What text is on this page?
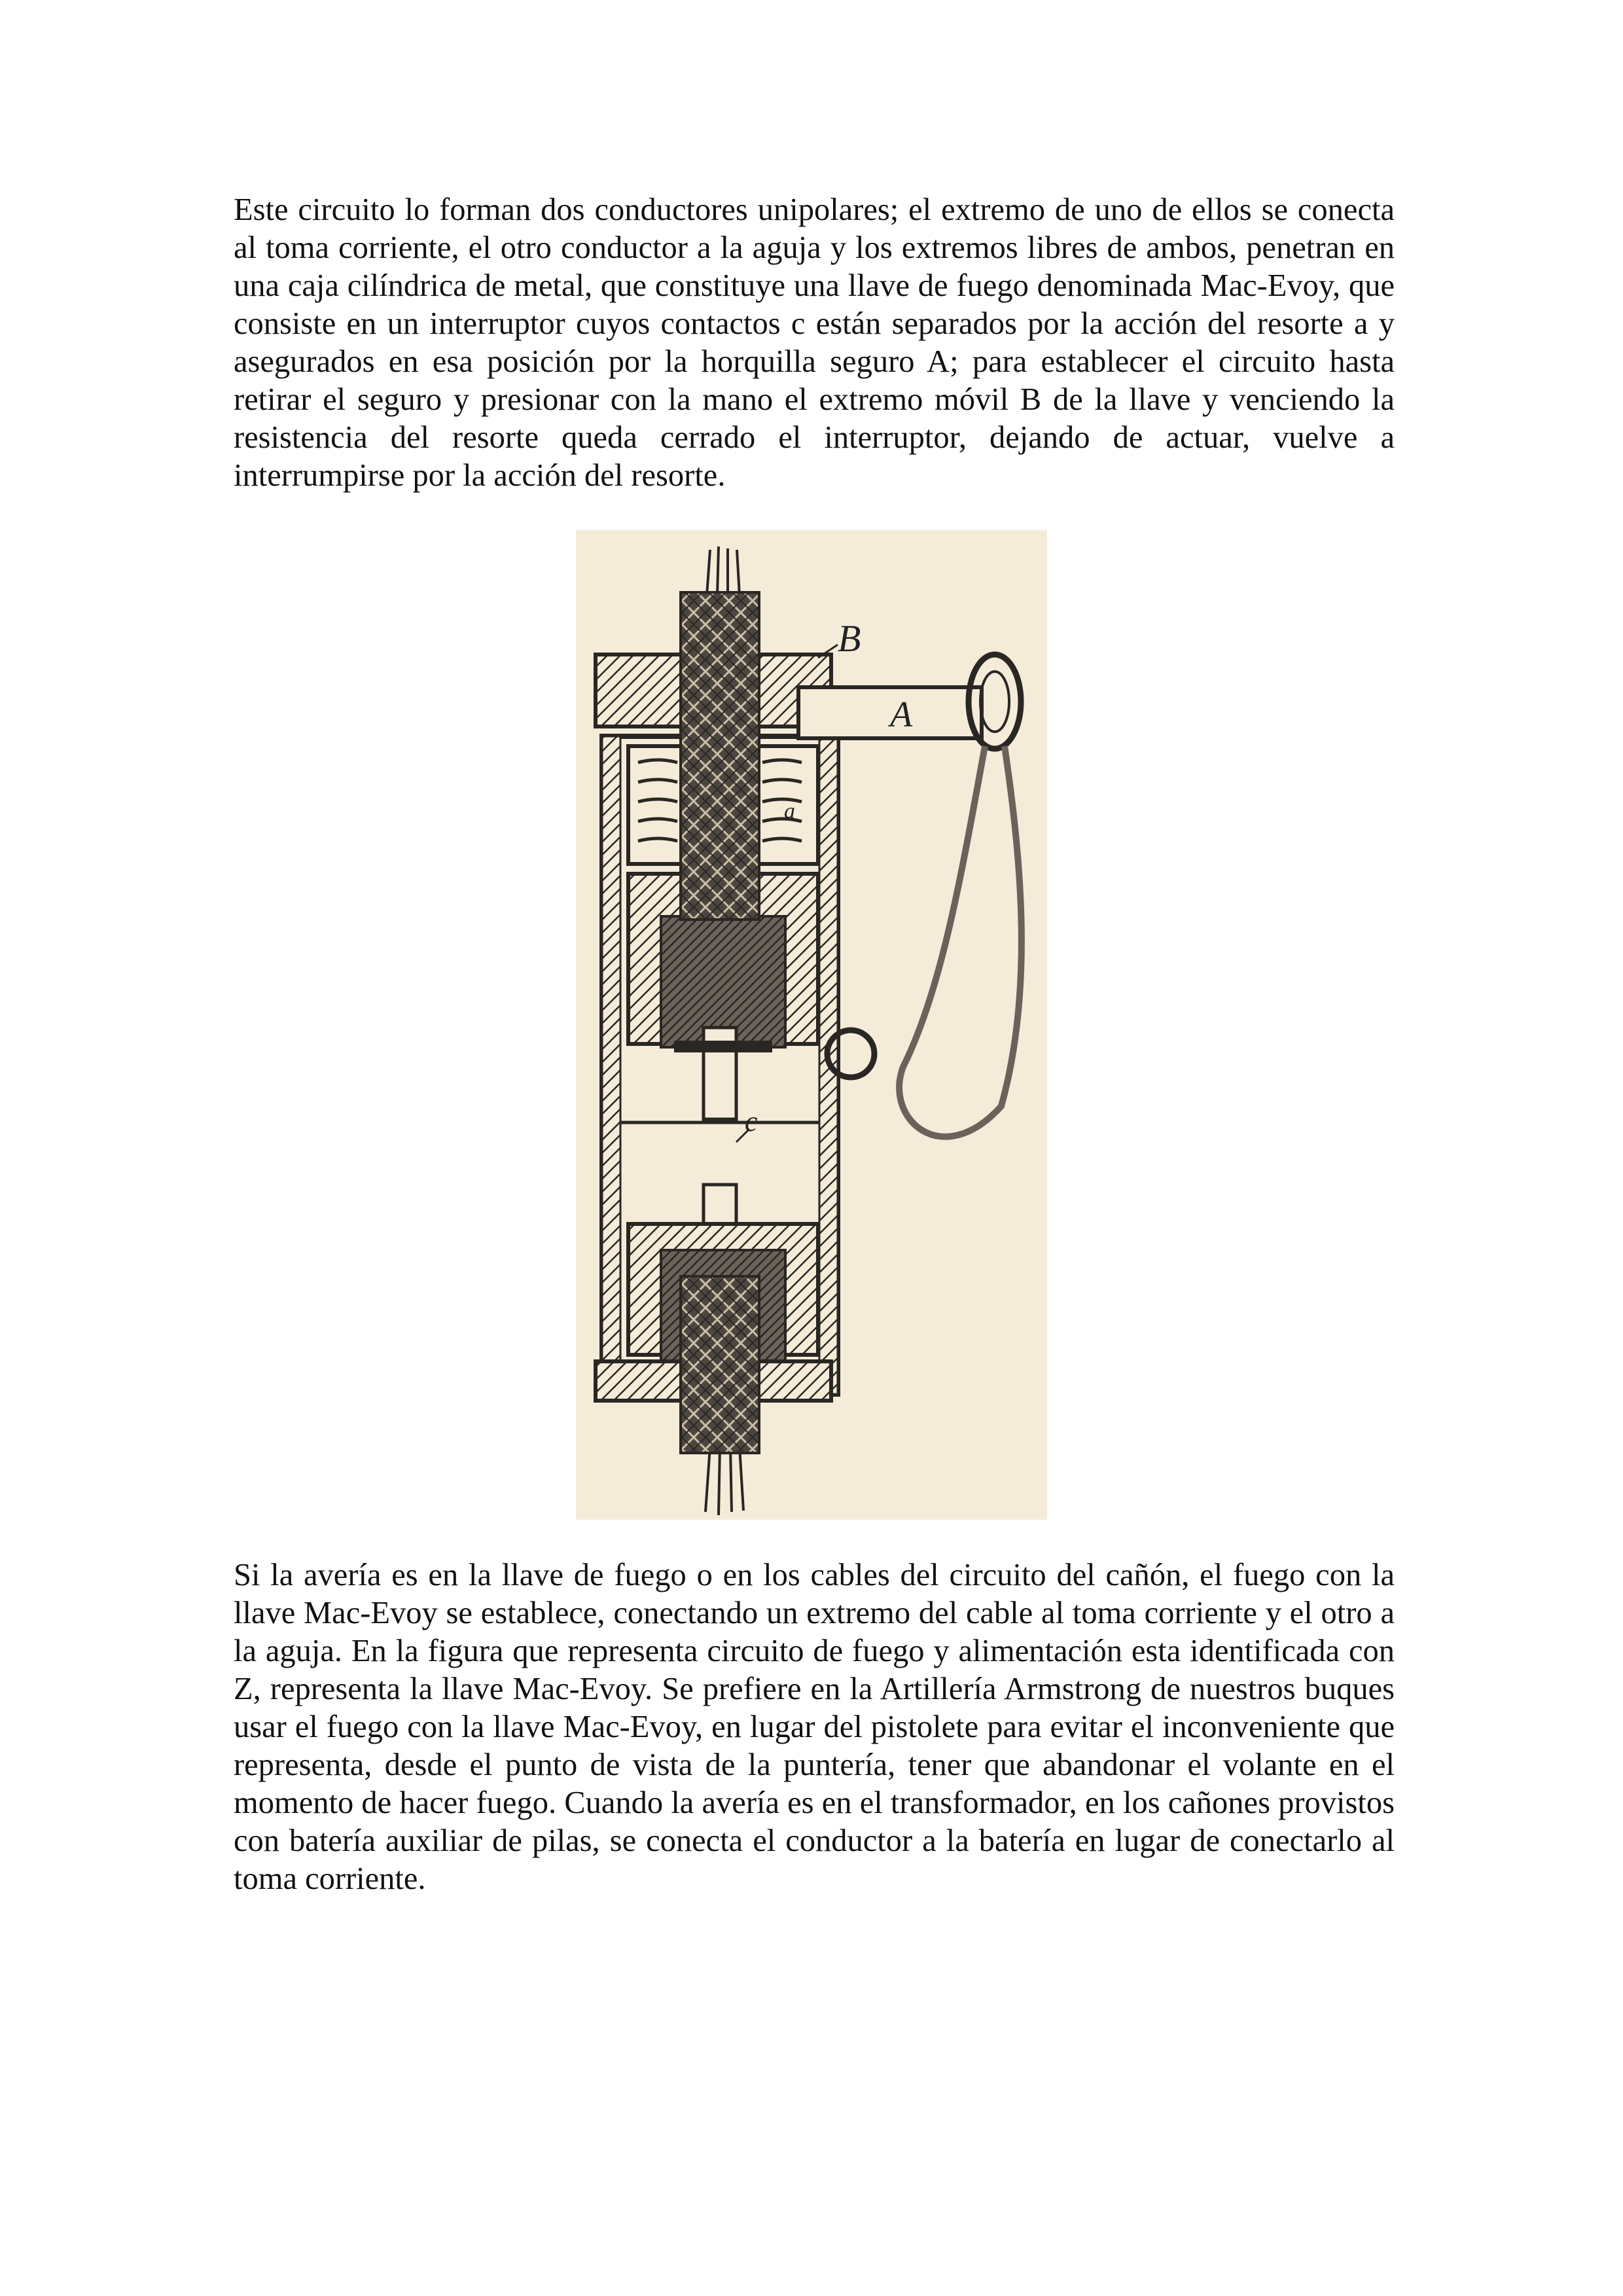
Este circuito lo forman dos conductores unipolares; el extremo de uno de ellos se conecta al toma corriente, el otro conductor a la aguja y los extremos libres de ambos, penetran en una caja cilíndrica de metal, que constituye una llave de fuego denominada Mac-Evoy, que consiste en un interruptor cuyos contactos c están separados por la acción del resorte a y asegurados en esa posición por la horquilla seguro A; para establecer el circuito hasta retirar el seguro y presionar con la mano el extremo móvil B de la llave y venciendo la resistencia del resorte queda cerrado el interruptor, dejando de actuar, vuelve a interrumpirse por la acción del resorte.

B
A
a
c

Si la avería es en la llave de fuego o en los cables del circuito del cañón, el fuego con la llave Mac-Evoy se establece, conectando un extremo del cable al toma corriente y el otro a la aguja. En la figura que representa circuito de fuego y alimentación esta identificada con Z, representa la llave Mac-Evoy. Se prefiere en la Artillería Armstrong de nuestros buques usar el fuego con la llave Mac-Evoy, en lugar del pistolete para evitar el inconveniente que representa, desde el punto de vista de la puntería, tener que abandonar el volante en el momento de hacer fuego. Cuando la avería es en el transformador, en los cañones provistos con batería auxiliar de pilas, se conecta el conductor a la batería en lugar de conectarlo al toma corriente.
